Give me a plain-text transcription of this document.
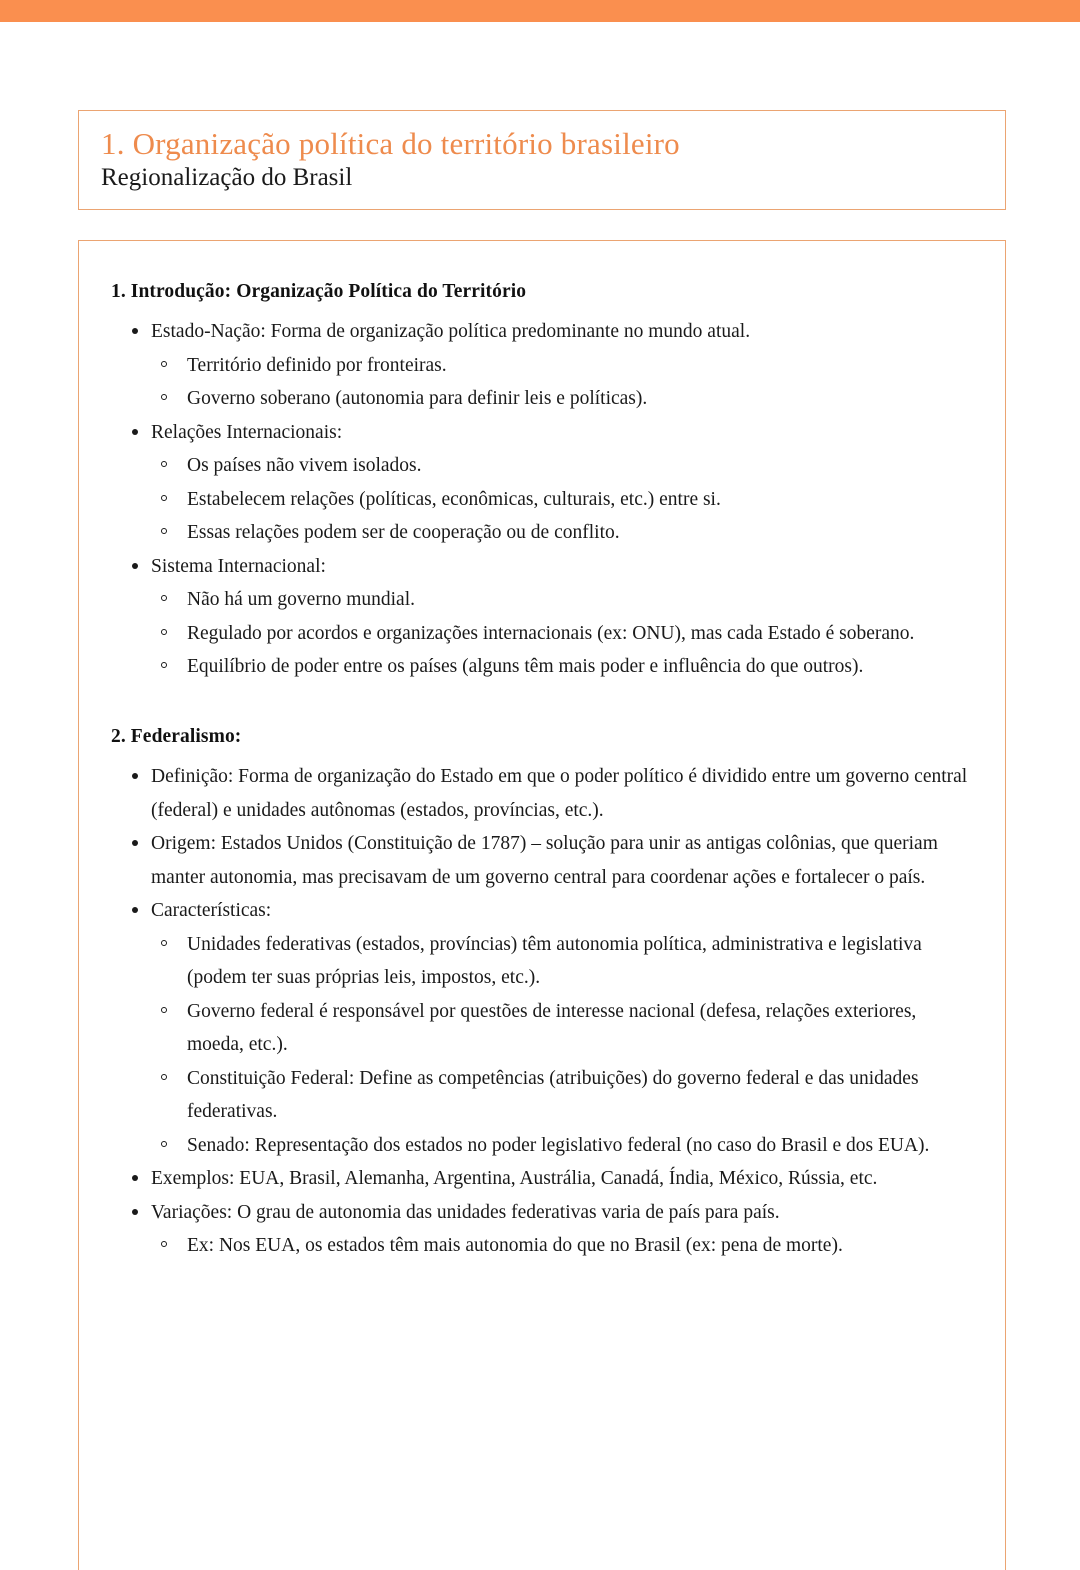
1. Organização política do território brasileiro
Regionalização do Brasil
1. Introdução: Organização Política do Território
Estado-Nação: Forma de organização política predominante no mundo atual.
Território definido por fronteiras.
Governo soberano (autonomia para definir leis e políticas).
Relações Internacionais:
Os países não vivem isolados.
Estabelecem relações (políticas, econômicas, culturais, etc.) entre si.
Essas relações podem ser de cooperação ou de conflito.
Sistema Internacional:
Não há um governo mundial.
Regulado por acordos e organizações internacionais (ex: ONU), mas cada Estado é soberano.
Equilíbrio de poder entre os países (alguns têm mais poder e influência do que outros).
2. Federalismo:
Definição: Forma de organização do Estado em que o poder político é dividido entre um governo central (federal) e unidades autônomas (estados, províncias, etc.).
Origem: Estados Unidos (Constituição de 1787) – solução para unir as antigas colônias, que queriam manter autonomia, mas precisavam de um governo central para coordenar ações e fortalecer o país.
Características:
Unidades federativas (estados, províncias) têm autonomia política, administrativa e legislativa (podem ter suas próprias leis, impostos, etc.).
Governo federal é responsável por questões de interesse nacional (defesa, relações exteriores, moeda, etc.).
Constituição Federal: Define as competências (atribuições) do governo federal e das unidades federativas.
Senado: Representação dos estados no poder legislativo federal (no caso do Brasil e dos EUA).
Exemplos: EUA, Brasil, Alemanha, Argentina, Austrália, Canadá, Índia, México, Rússia, etc.
Variações: O grau de autonomia das unidades federativas varia de país para país.
Ex: Nos EUA, os estados têm mais autonomia do que no Brasil (ex: pena de morte).
